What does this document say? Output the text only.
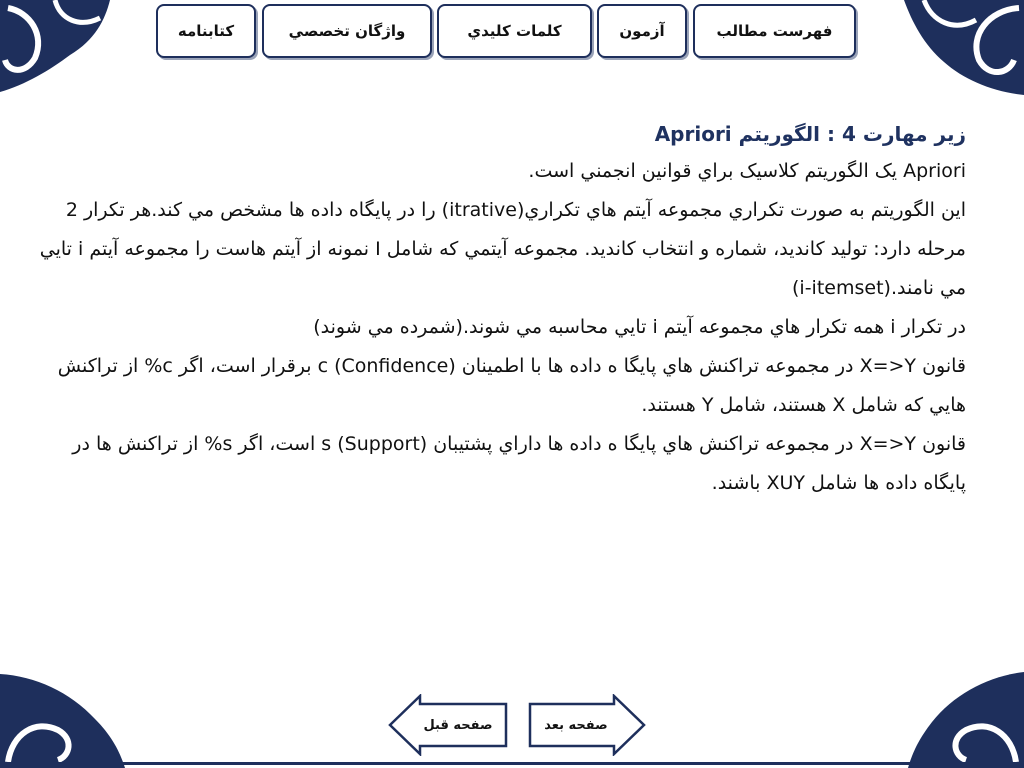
كتابنامه	واژگان تخصصي	كلمات كليدي	آزمون	فهرست مطالب
زیر مهارت 4 : الگوریتم Apriori

Apriori یک الگوریتم کلاسیک براي قوانين انجمني است.

این الگوریتم به صورت تکراري مجموعه آیتم هاي تکراري(itrative) را در پایگاه داده ها مشخص مي کند.هر تکرار 2 مرحله دارد: تولید کاندید، شماره و انتخاب کاندید. مجموعه آیتمي که شامل I نمونه از آیتم هاست را مجموعه آیتم i تايي مي نامند.(i-itemset)

در تکرار i همه تکرار هاي مجموعه آیتم i تايي محاسبه مي شوند.(شمرده مي شوند)

قانون X=>Y در مجموعه تراکنش هاي پایگا ه داده ها با اطمینان (Confidence) c برقرار است، اگر c% از تراکنش هايي که شامل X هستند، شامل Y هستند.

قانون X=>Y در مجموعه تراکنش هاي پایگا ه داده ها داراي پشتیبان (Support) s است، اگر s% از تراکنش ها در پایگاه داده ها شامل XUY باشند.

صفحه قبل	صفحه بعد
